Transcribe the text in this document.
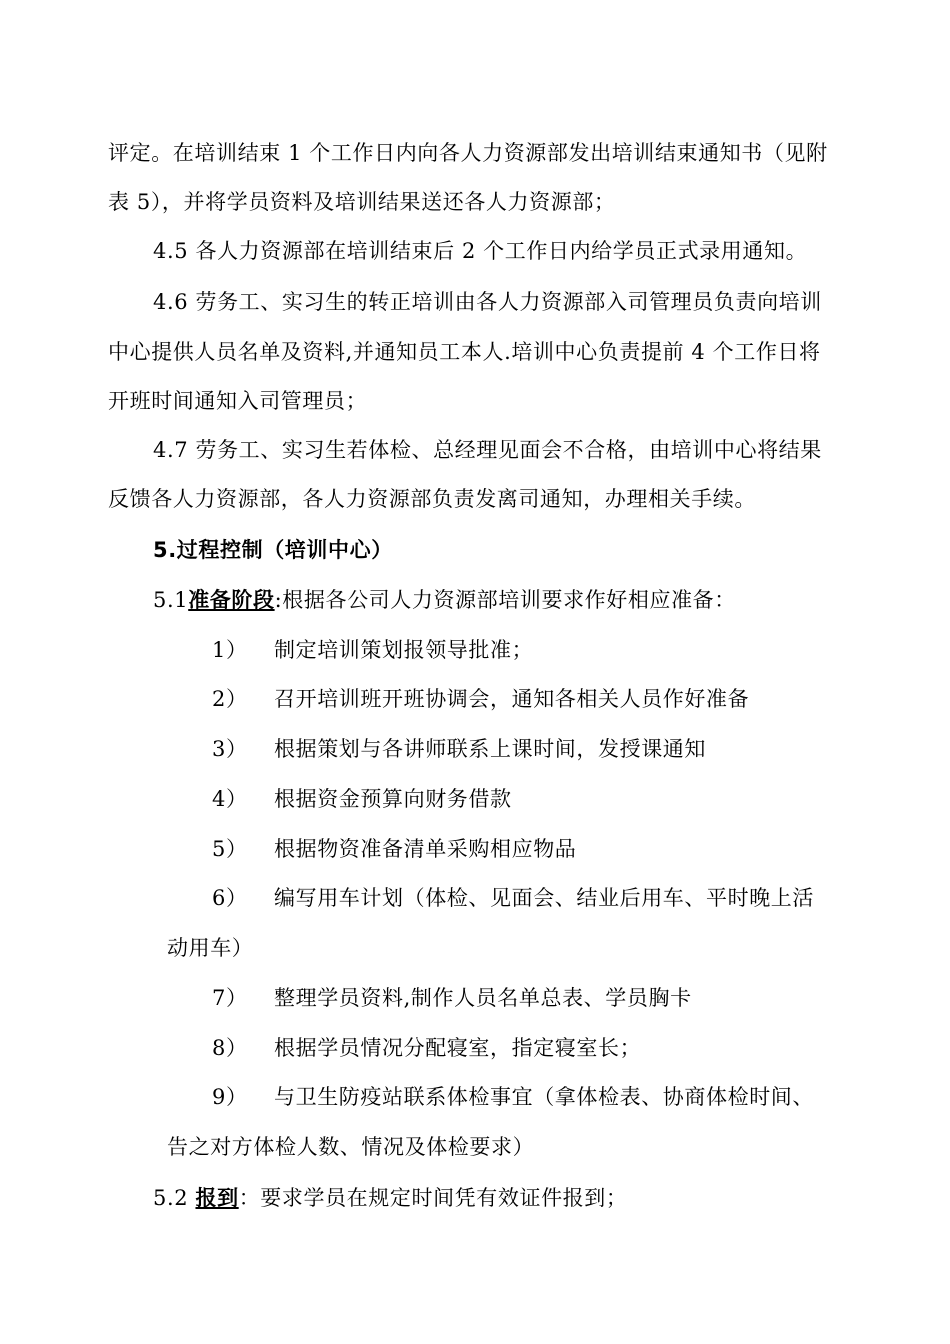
评定。在培训结束 1 个工作日内向各人力资源部发出培训结束通知书（见附
表 5），并将学员资料及培训结果送还各人力资源部；
4.5 各人力资源部在培训结束后 2 个工作日内给学员正式录用通知。
4.6 劳务工、实习生的转正培训由各人力资源部入司管理员负责向培训
中心提供人员名单及资料,并通知员工本人.培训中心负责提前 4 个工作日将
开班时间通知入司管理员；
4.7 劳务工、实习生若体检、总经理见面会不合格，由培训中心将结果
反馈各人力资源部，各人力资源部负责发离司通知，办理相关手续。
5.过程控制（培训中心）
5.1准备阶段:根据各公司人力资源部培训要求作好相应准备：
1） 制定培训策划报领导批准；
2） 召开培训班开班协调会，通知各相关人员作好准备
3） 根据策划与各讲师联系上课时间，发授课通知
4） 根据资金预算向财务借款
5） 根据物资准备清单采购相应物品
6） 编写用车计划（体检、见面会、结业后用车、平时晚上活
动用车）
7） 整理学员资料,制作人员名单总表、学员胸卡
8） 根据学员情况分配寝室，指定寝室长；
9） 与卫生防疫站联系体检事宜（拿体检表、协商体检时间、
告之对方体检人数、情况及体检要求）
5.2 报到：要求学员在规定时间凭有效证件报到；
